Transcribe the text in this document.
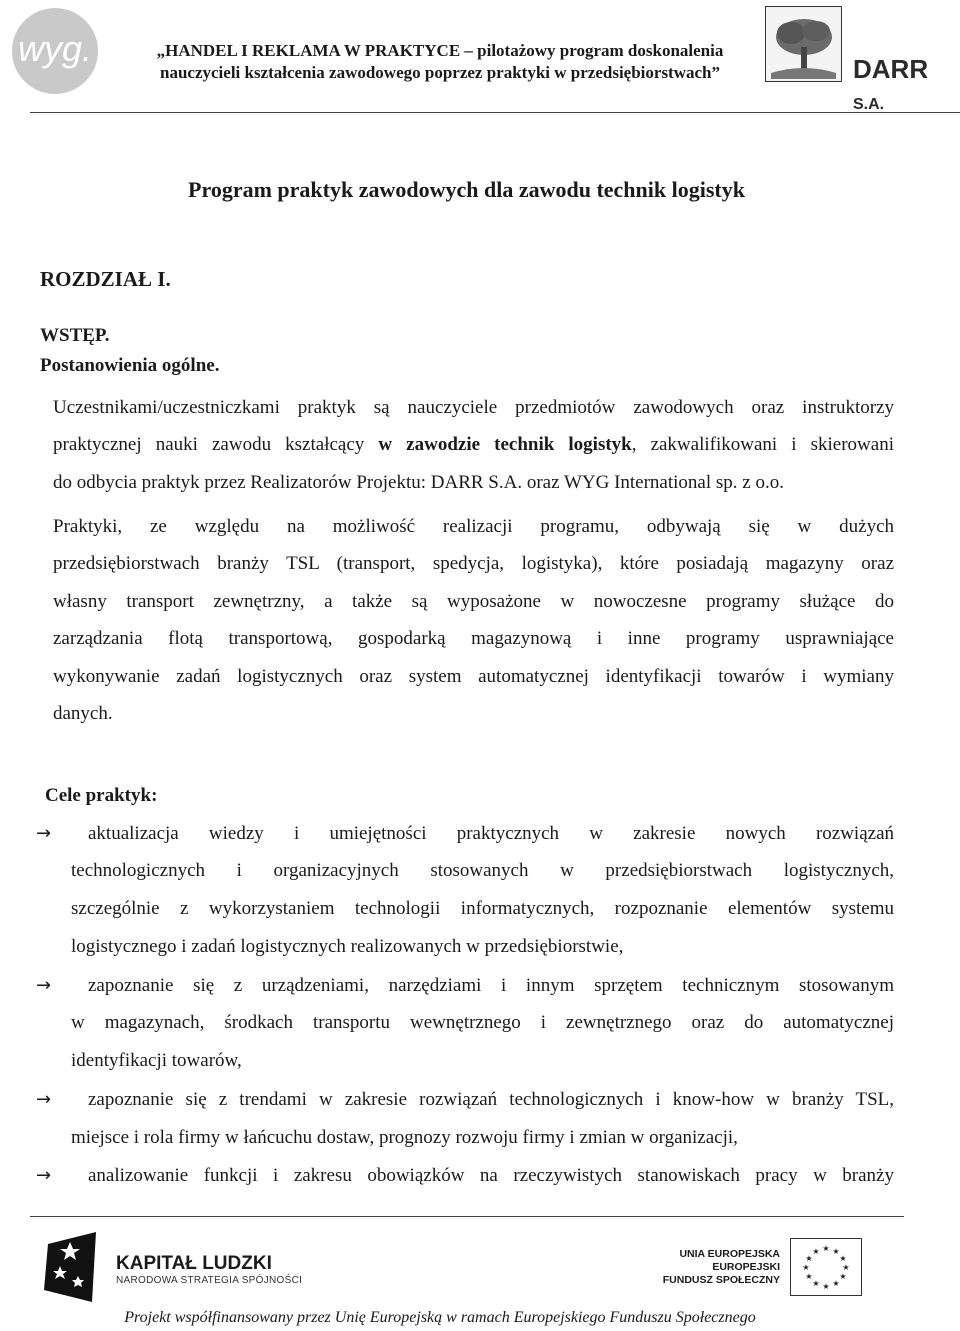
wyg.	„HANDEL I REKLAMA W PRAKTYCE – pilotażowy program doskonalenia
nauczycieli kształcenia zawodowego poprzez praktyki w przedsiębiorstwach”	DARR S.A.
Program praktyk zawodowych dla zawodu technik logistyk
ROZDZIAŁ I.
WSTĘP.
Postanowienia ogólne.
Uczestnikami/uczestniczkami praktyk są nauczyciele przedmiotów zawodowych oraz instruktorzy
praktycznej nauki zawodu kształcący w zawodzie technik logistyk, zakwalifikowani i skierowani
do odbycia praktyk przez Realizatorów Projektu: DARR S.A. oraz WYG International sp. z o.o.
Praktyki, ze względu na możliwość realizacji programu, odbywają się w dużych
przedsiębiorstwach branży TSL (transport, spedycja, logistyka), które posiadają magazyny oraz
własny transport zewnętrzny, a także są wyposażone w nowoczesne programy służące do
zarządzania flotą transportową, gospodarką magazynową i inne programy usprawniające
wykonywanie zadań logistycznych oraz system automatycznej identyfikacji towarów i wymiany
danych.
Cele praktyk:
→ aktualizacja wiedzy i umiejętności praktycznych w zakresie nowych rozwiązań
technologicznych i organizacyjnych stosowanych w przedsiębiorstwach logistycznych,
szczególnie z wykorzystaniem technologii informatycznych, rozpoznanie elementów systemu
logistycznego i zadań logistycznych realizowanych w przedsiębiorstwie,
→ zapoznanie się z urządzeniami, narzędziami i innym sprzętem technicznym stosowanym
w magazynach, środkach transportu wewnętrznego i zewnętrznego oraz do automatycznej
identyfikacji towarów,
→ zapoznanie się z trendami w zakresie rozwiązań technologicznych i know-how w branży TSL,
miejsce i rola firmy w łańcuchu dostaw, prognozy rozwoju firmy i zmian w organizacji,
→ analizowanie funkcji i zakresu obowiązków na rzeczywistych stanowiskach pracy w branży
KAPITAŁ LUDZKI
NARODOWA STRATEGIA SPÓJNOŚCI
UNIA EUROPEJSKA
EUROPEJSKI
FUNDUSZ SPOŁECZNY
★ ★
★
★
★
★
★
★
★
★
★
★
Projekt współfinansowany przez Unię Europejską w ramach Europejskiego Funduszu Społecznego
